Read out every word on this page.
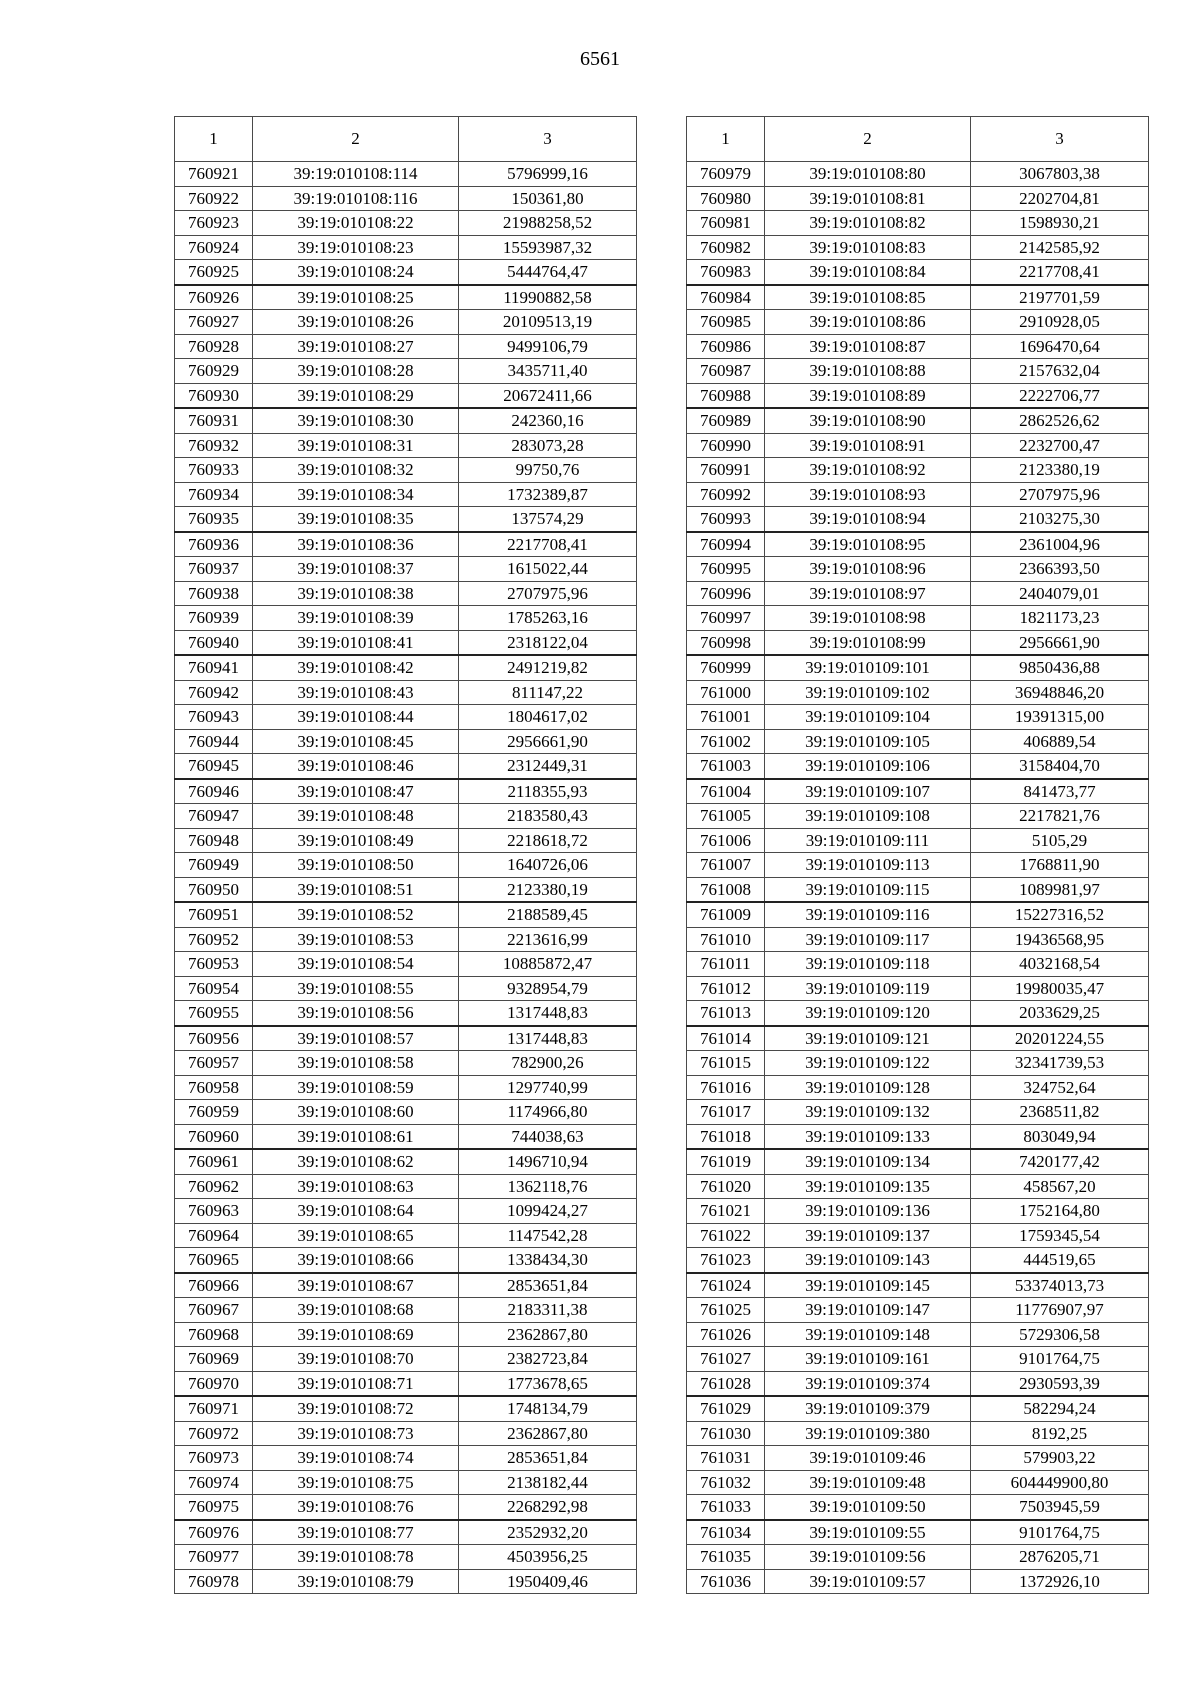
6561
1	2	3
760921	39:19:010108:114	5796999,16
760922	39:19:010108:116	150361,80
760923	39:19:010108:22	21988258,52
760924	39:19:010108:23	15593987,32
760925	39:19:010108:24	5444764,47
760926	39:19:010108:25	11990882,58
760927	39:19:010108:26	20109513,19
760928	39:19:010108:27	9499106,79
760929	39:19:010108:28	3435711,40
760930	39:19:010108:29	20672411,66
760931	39:19:010108:30	242360,16
760932	39:19:010108:31	283073,28
760933	39:19:010108:32	99750,76
760934	39:19:010108:34	1732389,87
760935	39:19:010108:35	137574,29
760936	39:19:010108:36	2217708,41
760937	39:19:010108:37	1615022,44
760938	39:19:010108:38	2707975,96
760939	39:19:010108:39	1785263,16
760940	39:19:010108:41	2318122,04
760941	39:19:010108:42	2491219,82
760942	39:19:010108:43	811147,22
760943	39:19:010108:44	1804617,02
760944	39:19:010108:45	2956661,90
760945	39:19:010108:46	2312449,31
760946	39:19:010108:47	2118355,93
760947	39:19:010108:48	2183580,43
760948	39:19:010108:49	2218618,72
760949	39:19:010108:50	1640726,06
760950	39:19:010108:51	2123380,19
760951	39:19:010108:52	2188589,45
760952	39:19:010108:53	2213616,99
760953	39:19:010108:54	10885872,47
760954	39:19:010108:55	9328954,79
760955	39:19:010108:56	1317448,83
760956	39:19:010108:57	1317448,83
760957	39:19:010108:58	782900,26
760958	39:19:010108:59	1297740,99
760959	39:19:010108:60	1174966,80
760960	39:19:010108:61	744038,63
760961	39:19:010108:62	1496710,94
760962	39:19:010108:63	1362118,76
760963	39:19:010108:64	1099424,27
760964	39:19:010108:65	1147542,28
760965	39:19:010108:66	1338434,30
760966	39:19:010108:67	2853651,84
760967	39:19:010108:68	2183311,38
760968	39:19:010108:69	2362867,80
760969	39:19:010108:70	2382723,84
760970	39:19:010108:71	1773678,65
760971	39:19:010108:72	1748134,79
760972	39:19:010108:73	2362867,80
760973	39:19:010108:74	2853651,84
760974	39:19:010108:75	2138182,44
760975	39:19:010108:76	2268292,98
760976	39:19:010108:77	2352932,20
760977	39:19:010108:78	4503956,25
760978	39:19:010108:79	1950409,46
1	2	3
760979	39:19:010108:80	3067803,38
760980	39:19:010108:81	2202704,81
760981	39:19:010108:82	1598930,21
760982	39:19:010108:83	2142585,92
760983	39:19:010108:84	2217708,41
760984	39:19:010108:85	2197701,59
760985	39:19:010108:86	2910928,05
760986	39:19:010108:87	1696470,64
760987	39:19:010108:88	2157632,04
760988	39:19:010108:89	2222706,77
760989	39:19:010108:90	2862526,62
760990	39:19:010108:91	2232700,47
760991	39:19:010108:92	2123380,19
760992	39:19:010108:93	2707975,96
760993	39:19:010108:94	2103275,30
760994	39:19:010108:95	2361004,96
760995	39:19:010108:96	2366393,50
760996	39:19:010108:97	2404079,01
760997	39:19:010108:98	1821173,23
760998	39:19:010108:99	2956661,90
760999	39:19:010109:101	9850436,88
761000	39:19:010109:102	36948846,20
761001	39:19:010109:104	19391315,00
761002	39:19:010109:105	406889,54
761003	39:19:010109:106	3158404,70
761004	39:19:010109:107	841473,77
761005	39:19:010109:108	2217821,76
761006	39:19:010109:111	5105,29
761007	39:19:010109:113	1768811,90
761008	39:19:010109:115	1089981,97
761009	39:19:010109:116	15227316,52
761010	39:19:010109:117	19436568,95
761011	39:19:010109:118	4032168,54
761012	39:19:010109:119	19980035,47
761013	39:19:010109:120	2033629,25
761014	39:19:010109:121	20201224,55
761015	39:19:010109:122	32341739,53
761016	39:19:010109:128	324752,64
761017	39:19:010109:132	2368511,82
761018	39:19:010109:133	803049,94
761019	39:19:010109:134	7420177,42
761020	39:19:010109:135	458567,20
761021	39:19:010109:136	1752164,80
761022	39:19:010109:137	1759345,54
761023	39:19:010109:143	444519,65
761024	39:19:010109:145	53374013,73
761025	39:19:010109:147	11776907,97
761026	39:19:010109:148	5729306,58
761027	39:19:010109:161	9101764,75
761028	39:19:010109:374	2930593,39
761029	39:19:010109:379	582294,24
761030	39:19:010109:380	8192,25
761031	39:19:010109:46	579903,22
761032	39:19:010109:48	604449900,80
761033	39:19:010109:50	7503945,59
761034	39:19:010109:55	9101764,75
761035	39:19:010109:56	2876205,71
761036	39:19:010109:57	1372926,10
